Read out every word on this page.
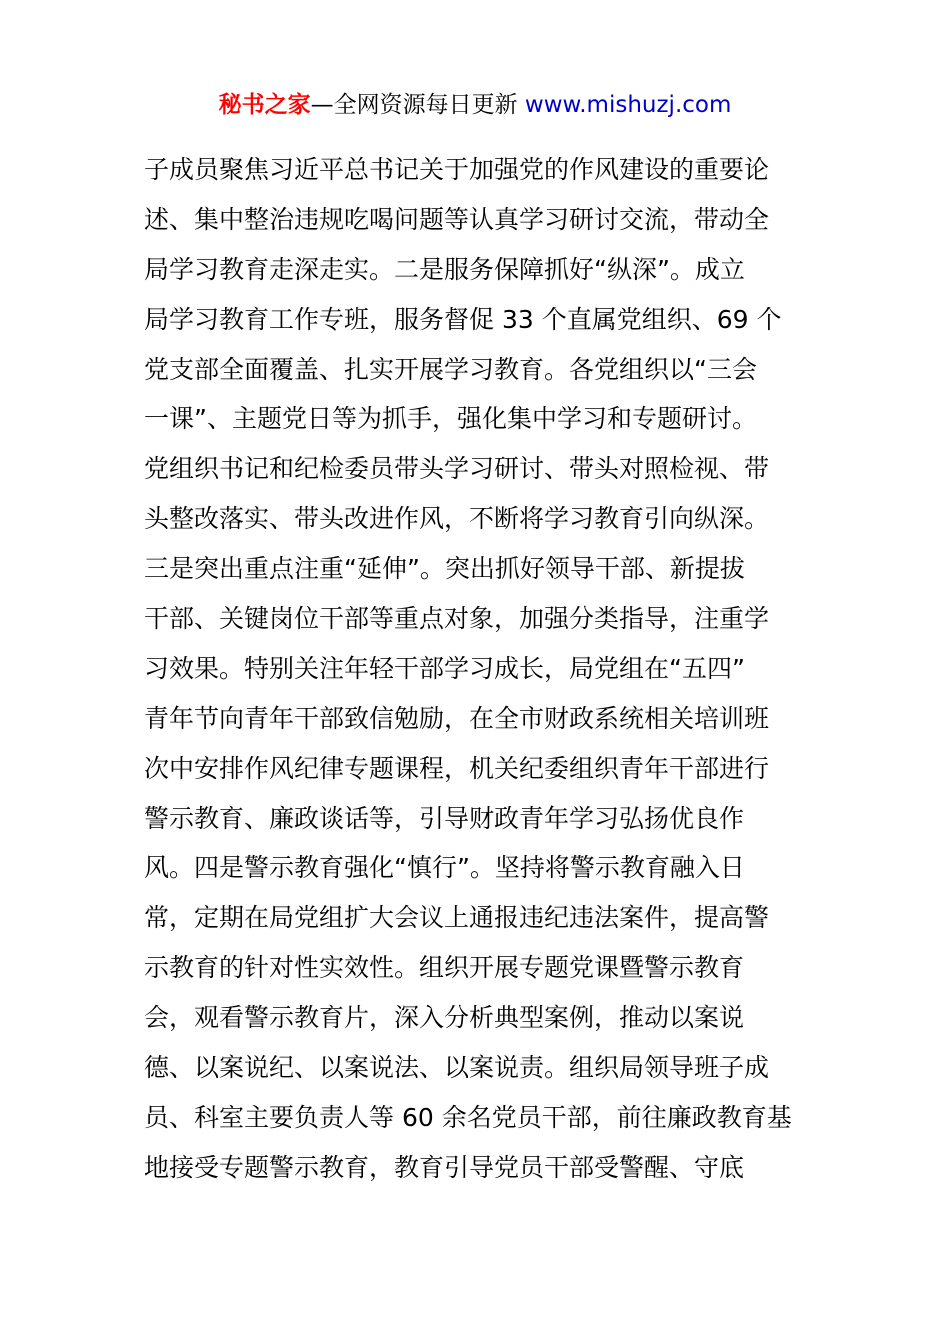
秘书之家—全网资源每日更新 www.mishuzj.com
子成员聚焦习近平总书记关于加强党的作风建设的重要论
述、集中整治违规吃喝问题等认真学习研讨交流，带动全
局学习教育走深走实。二是服务保障抓好“纵深”。成立
局学习教育工作专班，服务督促 33 个直属党组织、69 个
党支部全面覆盖、扎实开展学习教育。各党组织以“三会
一课”、主题党日等为抓手，强化集中学习和专题研讨。
党组织书记和纪检委员带头学习研讨、带头对照检视、带
头整改落实、带头改进作风，不断将学习教育引向纵深。
三是突出重点注重“延伸”。突出抓好领导干部、新提拔
干部、关键岗位干部等重点对象，加强分类指导，注重学
习效果。特别关注年轻干部学习成长，局党组在“五四”
青年节向青年干部致信勉励，在全市财政系统相关培训班
次中安排作风纪律专题课程，机关纪委组织青年干部进行
警示教育、廉政谈话等，引导财政青年学习弘扬优良作
风。四是警示教育强化“慎行”。坚持将警示教育融入日
常，定期在局党组扩大会议上通报违纪违法案件，提高警
示教育的针对性实效性。组织开展专题党课暨警示教育
会，观看警示教育片，深入分析典型案例，推动以案说
德、以案说纪、以案说法、以案说责。组织局领导班子成
员、科室主要负责人等 60 余名党员干部，前往廉政教育基
地接受专题警示教育，教育引导党员干部受警醒、守底
